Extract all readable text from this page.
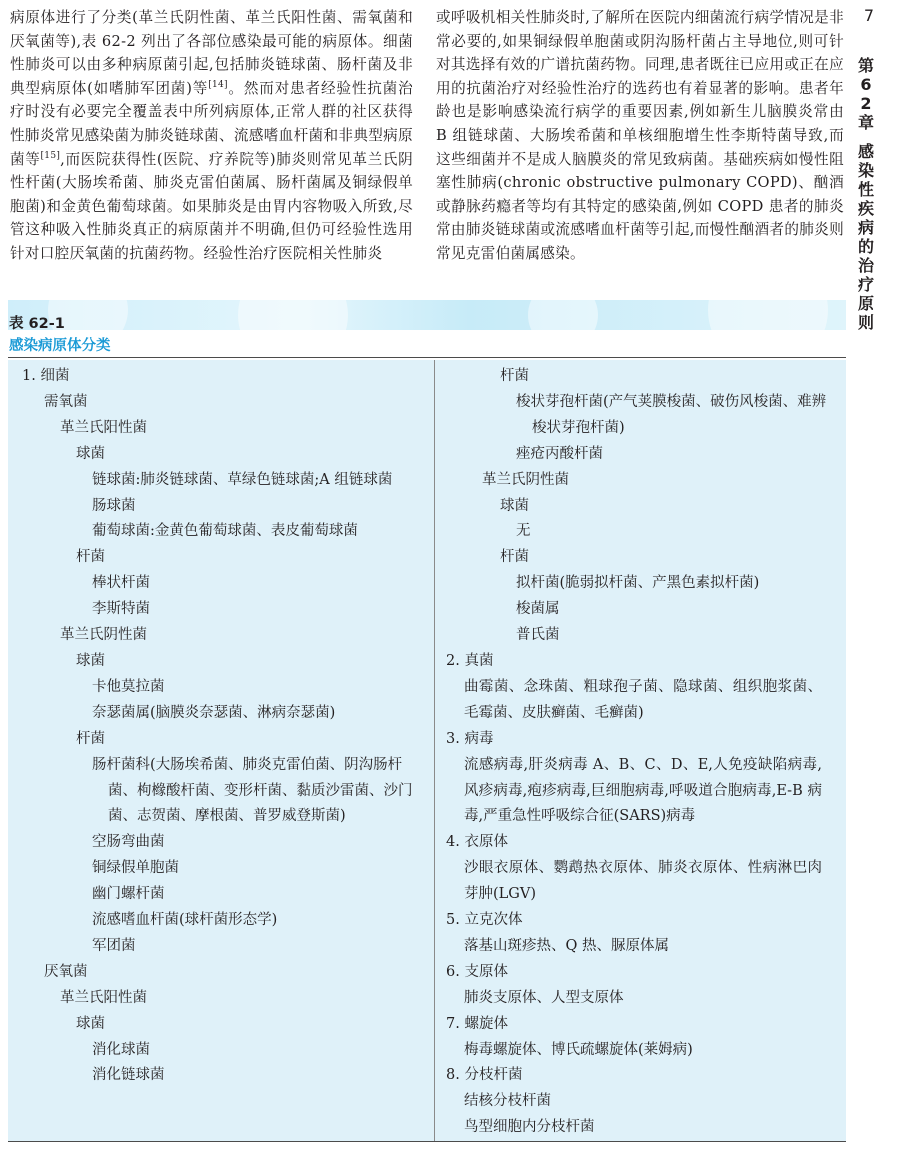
7
第62章
感染性疾病的治疗原则
病原体进行了分类(革兰氏阴性菌、革兰氏阳性菌、需氧菌和厌氧菌等),表 62-2 列出了各部位感染最可能的病原体。细菌性肺炎可以由多种病原菌引起,包括肺炎链球菌、肠杆菌及非典型病原体(如嗜肺军团菌)等[14]。然而对患者经验性抗菌治疗时没有必要完全覆盖表中所列病原体,正常人群的社区获得性肺炎常见感染菌为肺炎链球菌、流感嗜血杆菌和非典型病原菌等[15],而医院获得性(医院、疗养院等)肺炎则常见革兰氏阴性杆菌(大肠埃希菌、肺炎克雷伯菌属、肠杆菌属及铜绿假单胞菌)和金黄色葡萄球菌。如果肺炎是由胃内容物吸入所致,尽管这种吸入性肺炎真正的病原菌并不明确,但仍可经验性选用针对口腔厌氧菌的抗菌药物。经验性治疗医院相关性肺炎
或呼吸机相关性肺炎时,了解所在医院内细菌流行病学情况是非常必要的,如果铜绿假单胞菌或阴沟肠杆菌占主导地位,则可针对其选择有效的广谱抗菌药物。同理,患者既往已应用或正在应用的抗菌治疗对经验性治疗的选药也有着显著的影响。患者年龄也是影响感染流行病学的重要因素,例如新生儿脑膜炎常由 B 组链球菌、大肠埃希菌和单核细胞增生性李斯特菌导致,而这些细菌并不是成人脑膜炎的常见致病菌。基础疾病如慢性阻塞性肺病(chronic obstructive pulmonary COPD)、酗酒或静脉药瘾者等均有其特定的感染菌,例如 COPD 患者的肺炎常由肺炎链球菌或流感嗜血杆菌等引起,而慢性酗酒者的肺炎则常见克雷伯菌属感染。
表 62-1
感染病原体分类
1. 细菌
需氧菌
革兰氏阳性菌
球菌
链球菌:肺炎链球菌、草绿色链球菌;A 组链球菌
肠球菌
葡萄球菌:金黄色葡萄球菌、表皮葡萄球菌
杆菌
棒状杆菌
李斯特菌
革兰氏阴性菌
球菌
卡他莫拉菌
奈瑟菌属(脑膜炎奈瑟菌、淋病奈瑟菌)
杆菌
肠杆菌科(大肠埃希菌、肺炎克雷伯菌、阴沟肠杆菌、枸橼酸杆菌、变形杆菌、黏质沙雷菌、沙门菌、志贺菌、摩根菌、普罗威登斯菌)
空肠弯曲菌
铜绿假单胞菌
幽门螺杆菌
流感嗜血杆菌(球杆菌形态学)
军团菌
厌氧菌
革兰氏阳性菌
球菌
消化球菌
消化链球菌
杆菌
梭状芽孢杆菌(产气荚膜梭菌、破伤风梭菌、难辨梭状芽孢杆菌)
痤疮丙酸杆菌
革兰氏阴性菌
球菌
无
杆菌
拟杆菌(脆弱拟杆菌、产黑色素拟杆菌)
梭菌属
普氏菌
2. 真菌
曲霉菌、念珠菌、粗球孢子菌、隐球菌、组织胞浆菌、毛霉菌、皮肤癣菌、毛癣菌)
3. 病毒
流感病毒,肝炎病毒 A、B、C、D、E,人免疫缺陷病毒,风疹病毒,疱疹病毒,巨细胞病毒,呼吸道合胞病毒,E-B 病毒,严重急性呼吸综合征(SARS)病毒
4. 衣原体
沙眼衣原体、鹦鹉热衣原体、肺炎衣原体、性病淋巴肉芽肿(LGV)
5. 立克次体
落基山斑疹热、Q 热、脲原体属
6. 支原体
肺炎支原体、人型支原体
7. 螺旋体
梅毒螺旋体、博氏疏螺旋体(莱姆病)
8. 分枝杆菌
结核分枝杆菌
鸟型细胞内分枝杆菌
